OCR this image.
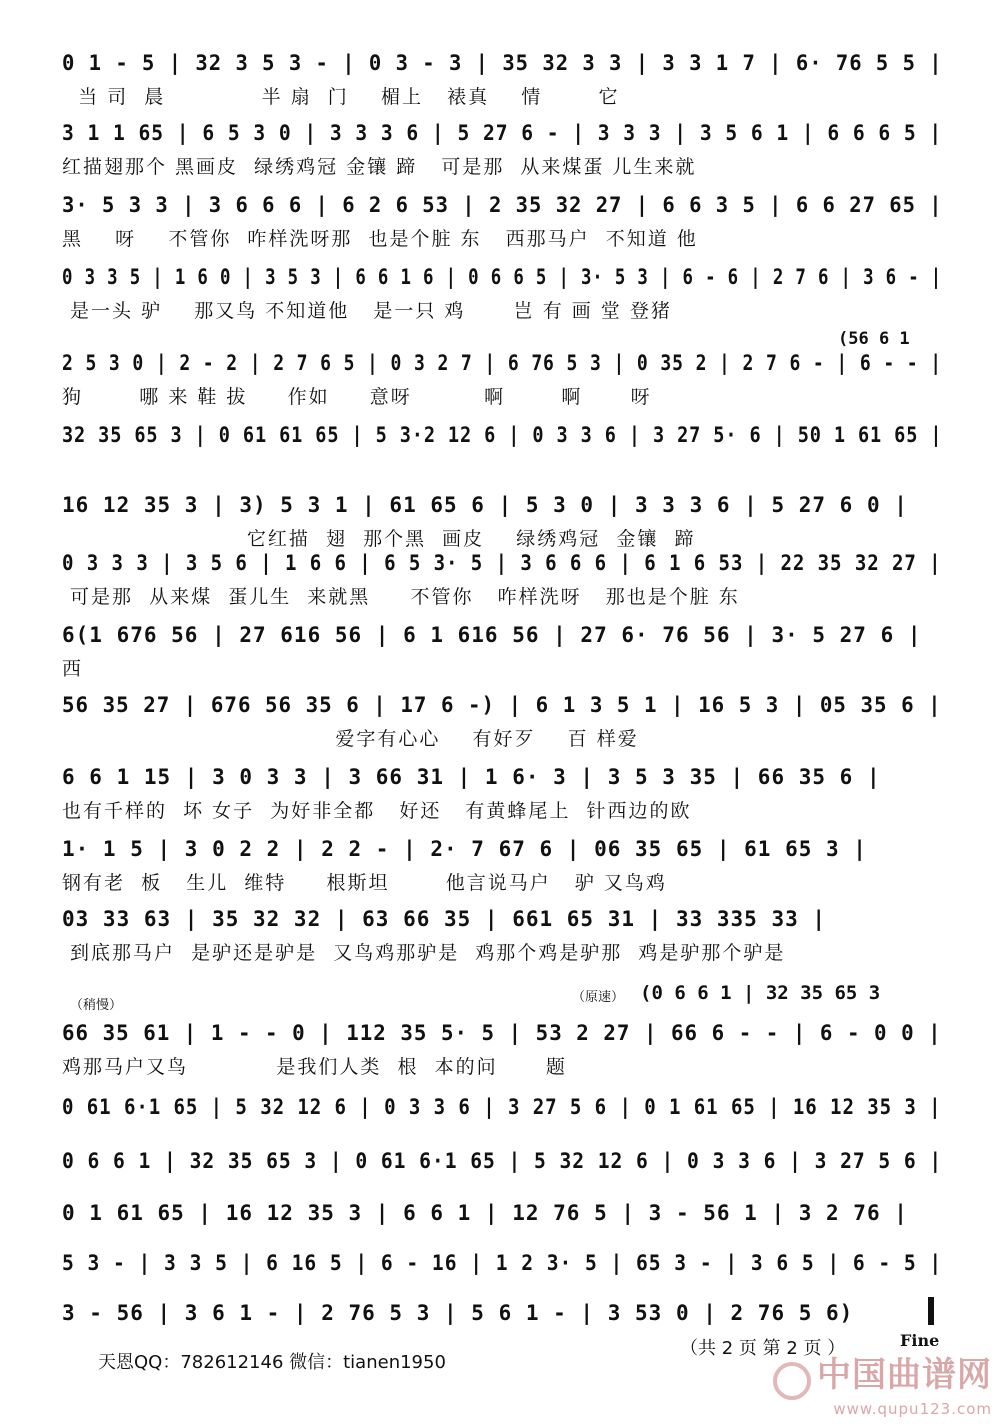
0 1 - 5 | 32 3 5 3 - | 0 3 - 3 | 35 32 3 3 | 3 3 1 7 | 6· 76 5 5 |
当 司  晨            半 扇  门    楣上   裱真    情       它
3 1 1 65 | 6 5 3 0 | 3 3 3 6 | 5 27 6 - | 3 3 3 | 3 5 6 1 | 6 6 6 5 |
红描翅那个 黑画皮  绿绣鸡冠 金镶 蹄   可是那  从来煤蛋 儿生来就
3· 5 3 3 | 3 6 6 6 | 6 2 6 53 | 2 35 32 27 | 6 6 3 5 | 6 6 27 65 |
黑    呀    不管你  咋样洗呀那  也是个脏 东   西那马户  不知道 他
0 3 3 5 | 1 6 0 | 3 5 3 | 6 6 1 6 | 0 6 6 5 | 3· 5 3 | 6 - 6 | 2 7 6 | 3 6 - |
是一头 驴    那又鸟 不知道他   是一只 鸡      岂 有 画 堂 登猪
2 5 3 0 | 2 - 2 | 2 7 6 5 | 0 3 2 7 | 6 76 5 3 | 0 35 2 | 2 7 6 - | 6 - - |
狗       哪 来 鞋 拔     作如     意呀         啊       啊      呀
32 35 65 3 | 0 61 61 65 | 5 3·2 12 6 | 0 3 3 6 | 3 27 5· 6 | 50 1 61 65 |
16 12 35 3 | 3) 5 3 1 | 61 65 6 | 5 3 0 | 3 3 3 6 | 5 27 6 0 |
它红描  翅  那个黑  画皮    绿绣鸡冠  金镶  蹄
0 3 3 3 | 3 5 6 | 1 6 6 | 6 5 3· 5 | 3 6 6 6 | 6 1 6 53 | 22 35 32 27 |
可是那  从来煤  蛋儿生  来就黑     不管你   咋样洗呀   那也是个脏 东
6(1 676 56 | 27 616 56 | 6 1 616 56 | 27 6· 76 56 | 3· 5 27 6 |
西
56 35 27 | 676 56 35 6 | 17 6 -) | 6 1 3 5 1 | 16 5 3 | 05 35 6 |
爱字有心心    有好歹    百 样爱
6 6 1 15 | 3 0 3 3 | 3 66 31 | 1 6· 3 | 3 5 3 35 | 66 35 6 |
也有千样的  坏 女子  为好非全都   好还   有黄蜂尾上  针西边的欧
1· 1 5 | 3 0 2 2 | 2 2 - | 2· 7 67 6 | 06 35 65 | 61 65 3 |
钢有老  板   生儿  维特     根斯坦       他言说马户   驴 又鸟鸡
03 33 63 | 35 32 32 | 63 66 35 | 661 65 31 | 33 335 33 |
到底那马户  是驴还是驴是  又鸟鸡那驴是  鸡那个鸡是驴那  鸡是驴那个驴是
66 35 61 | 1 - - 0 | 112 35 5· 5 | 53 2 27 | 66 6 - - | 6 - 0 0 |
鸡那马户又鸟           是我们人类  根  本的问      题
0 61 6·1 65 | 5 32 12 6 | 0 3 3 6 | 3 27 5 6 | 0 1 61 65 | 16 12 35 3 |
0 6 6 1 | 32 35 65 3 | 0 61 6·1 65 | 5 32 12 6 | 0 3 3 6 | 3 27 5 6 |
0 1 61 65 | 16 12 35 3 | 6 6 1 | 12 76 5 | 3 - 56 1 | 3 2 76 |
5 3 - | 3 3 5 | 6 16 5 | 6 - 16 | 1 2 3· 5 | 65 3 - | 3 6 5 | 6 - 5 |
3 - 56 | 3 6 1 - | 2 76 5 3 | 5 6 1 - | 3 53 0 | 2 76 5 6)
(56 6 1
（稍慢）
（原速） (0 6 6 1 | 32 35 65 3
天恩QQ：782612146 微信：tianen1950
（共 2 页 第 2 页 ）	Fine
中国曲谱网
www.qupu123.com
